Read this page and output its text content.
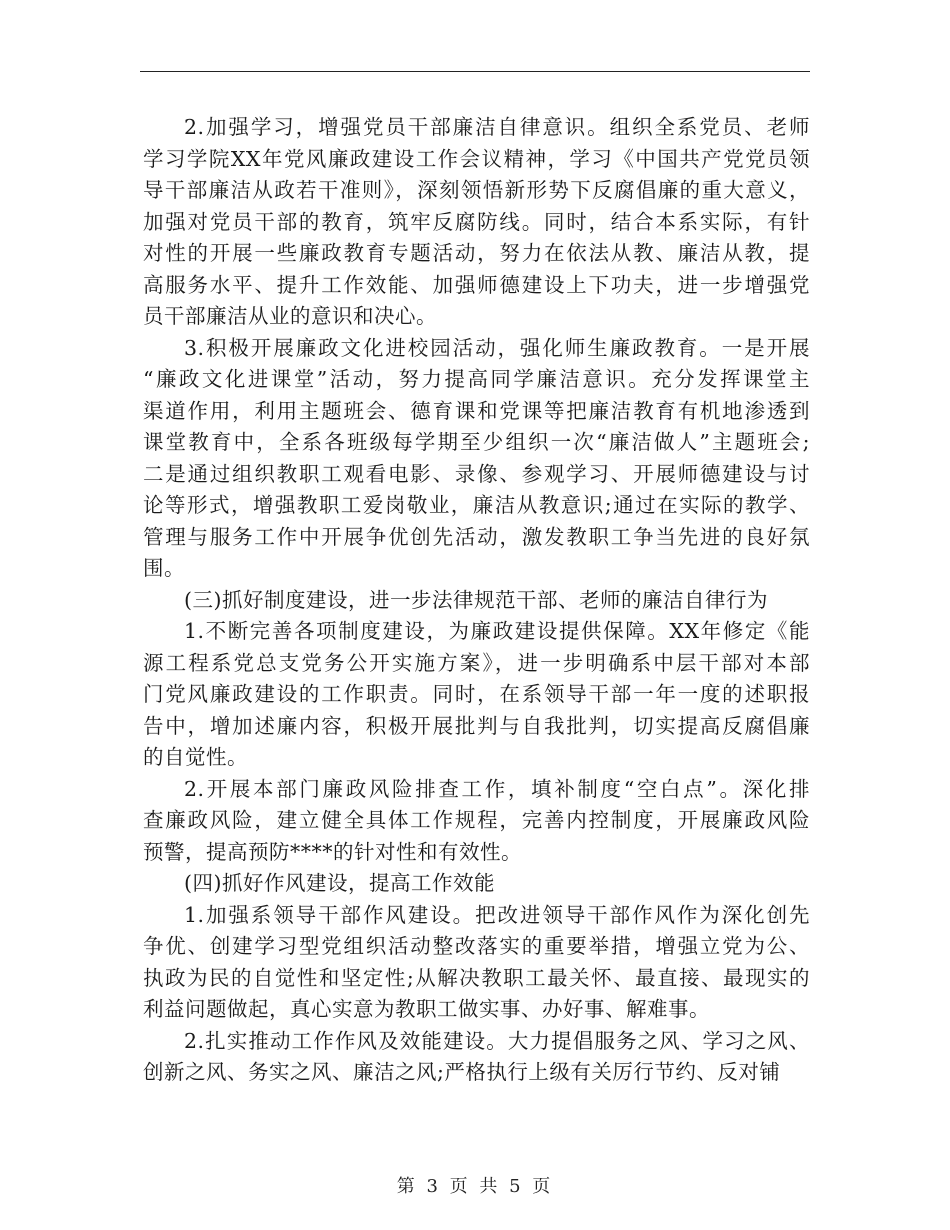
2.加强学习，增强党员干部廉洁自律意识。组织全系党员、老师
学习学院XX年党风廉政建设工作会议精神，学习《中国共产党党员领
导干部廉洁从政若干准则》，深刻领悟新形势下反腐倡廉的重大意义，
加强对党员干部的教育，筑牢反腐防线。同时，结合本系实际，有针
对性的开展一些廉政教育专题活动，努力在依法从教、廉洁从教，提
高服务水平、提升工作效能、加强师德建设上下功夫，进一步增强党
员干部廉洁从业的意识和决心。
3.积极开展廉政文化进校园活动，强化师生廉政教育。一是开展
“廉政文化进课堂”活动，努力提高同学廉洁意识。充分发挥课堂主
渠道作用，利用主题班会、德育课和党课等把廉洁教育有机地渗透到
课堂教育中，全系各班级每学期至少组织一次“廉洁做人”主题班会;
二是通过组织教职工观看电影、录像、参观学习、开展师德建设与讨
论等形式，增强教职工爱岗敬业，廉洁从教意识;通过在实际的教学、
管理与服务工作中开展争优创先活动，激发教职工争当先进的良好氛
围。
(三)抓好制度建设，进一步法律规范干部、老师的廉洁自律行为
1.不断完善各项制度建设，为廉政建设提供保障。XX年修定《能
源工程系党总支党务公开实施方案》，进一步明确系中层干部对本部
门党风廉政建设的工作职责。同时，在系领导干部一年一度的述职报
告中，增加述廉内容，积极开展批判与自我批判，切实提高反腐倡廉
的自觉性。
2.开展本部门廉政风险排查工作，填补制度“空白点”。深化排
查廉政风险，建立健全具体工作规程，完善内控制度，开展廉政风险
预警，提高预防****的针对性和有效性。
(四)抓好作风建设，提高工作效能
1.加强系领导干部作风建设。把改进领导干部作风作为深化创先
争优、创建学习型党组织活动整改落实的重要举措，增强立党为公、
执政为民的自觉性和坚定性;从解决教职工最关怀、最直接、最现实的
利益问题做起，真心实意为教职工做实事、办好事、解难事。
2.扎实推动工作作风及效能建设。大力提倡服务之风、学习之风、
创新之风、务实之风、廉洁之风;严格执行上级有关厉行节约、反对铺
第 3 页 共 5 页
